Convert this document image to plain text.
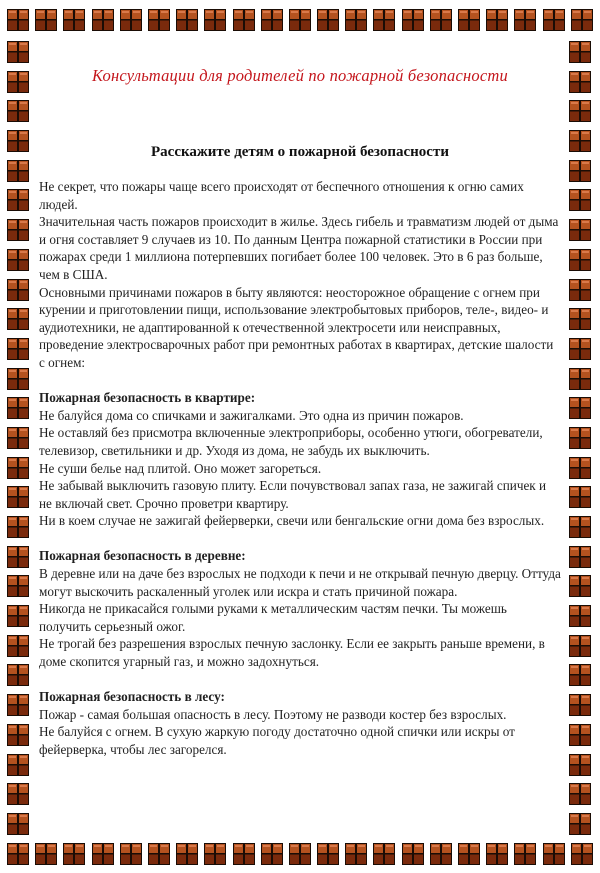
Консультации для родителей по пожарной безопасности
Расскажите детям о пожарной безопасности

Не секрет, что пожары чаще всего происходят от беспечного отношения к огню самих людей.

Значительная часть пожаров происходит в жилье. Здесь гибель и травматизм людей от дыма и огня составляет 9 случаев из 10. По данным Центра пожарной статистики в России при пожарах среди 1 миллиона потерпевших погибает более 100 человек. Это в 6 раз больше, чем в США.

Основными причинами пожаров в быту являются: неосторожное обращение с огнем при курении и приготовлении пищи, использование электробытовых приборов, теле-, видео- и аудиотехники, не адаптированной к отечественной электросети или неисправных, проведение электросварочных работ при ремонтных работах в квартирах, детские шалости с огнем:

Пожарная безопасность в квартире:

Не балуйся дома со спичками и зажигалками. Это одна из причин пожаров.

Не оставляй без присмотра включенные электроприборы, особенно утюги, обогреватели, телевизор, светильники и др. Уходя из дома, не забудь их выключить.

Не суши белье над плитой. Оно может загореться.

Не забывай выключить газовую плиту. Если почувствовал запах газа, не зажигай спичек и не включай свет. Срочно проветри квартиру.

Ни в коем случае не зажигай фейерверки, свечи или бенгальские огни дома без взрослых.

Пожарная безопасность в деревне:

В деревне или на даче без взрослых не подходи к печи и не открывай печную дверцу. Оттуда могут выскочить раскаленный уголек или искра и стать причиной пожара.

Никогда не прикасайся голыми руками к металлическим частям печки. Ты можешь получить серьезный ожог.

Не трогай без разрешения взрослых печную заслонку. Если ее закрыть раньше времени, в доме скопится угарный газ, и можно задохнуться.

Пожарная безопасность в лесу:

Пожар - самая большая опасность в лесу. Поэтому не разводи костер без взрослых.

Не балуйся с огнем. В сухую жаркую погоду достаточно одной спички или искры от фейерверка, чтобы лес загорелся.
